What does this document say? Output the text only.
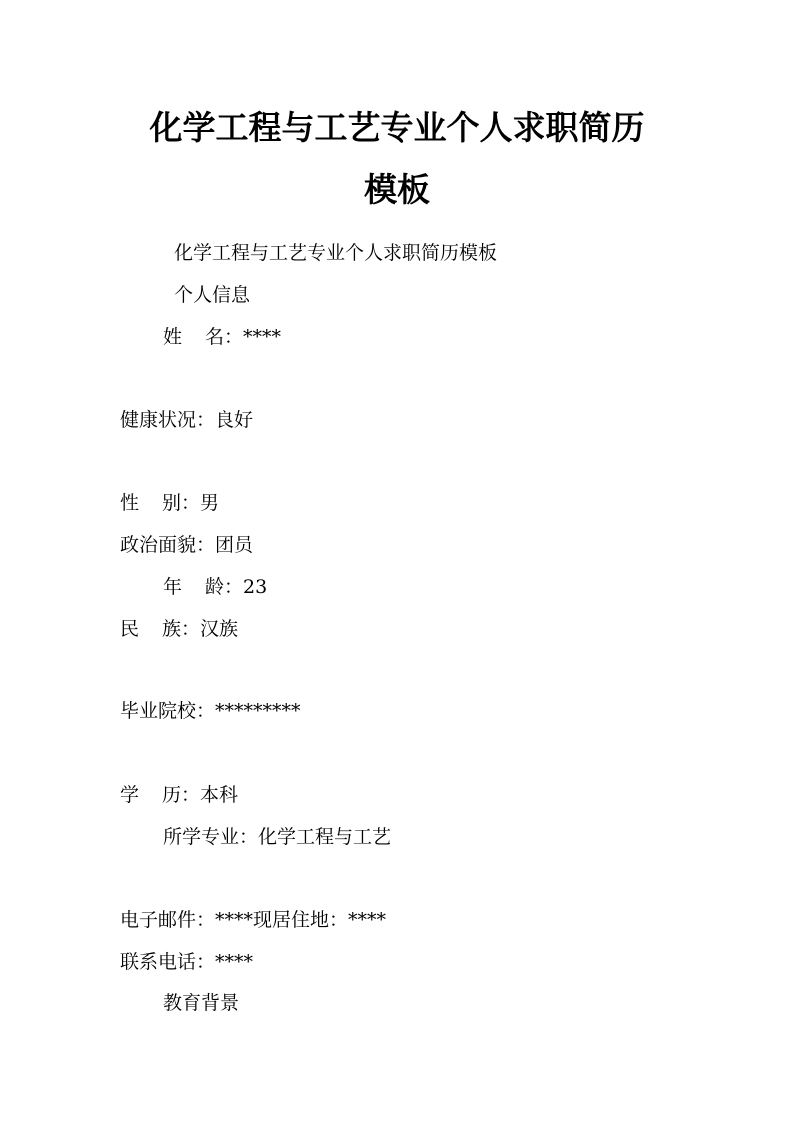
化学工程与工艺专业个人求职简历
模板
化学工程与工艺专业个人求职简历模板
个人信息
姓 名：****
健康状况：良好
性 别：男
政治面貌：团员
年 龄：23
民 族：汉族
毕业院校：*********
学 历：本科
所学专业：化学工程与工艺
电子邮件：****现居住地：****
联系电话：****
教育背景
